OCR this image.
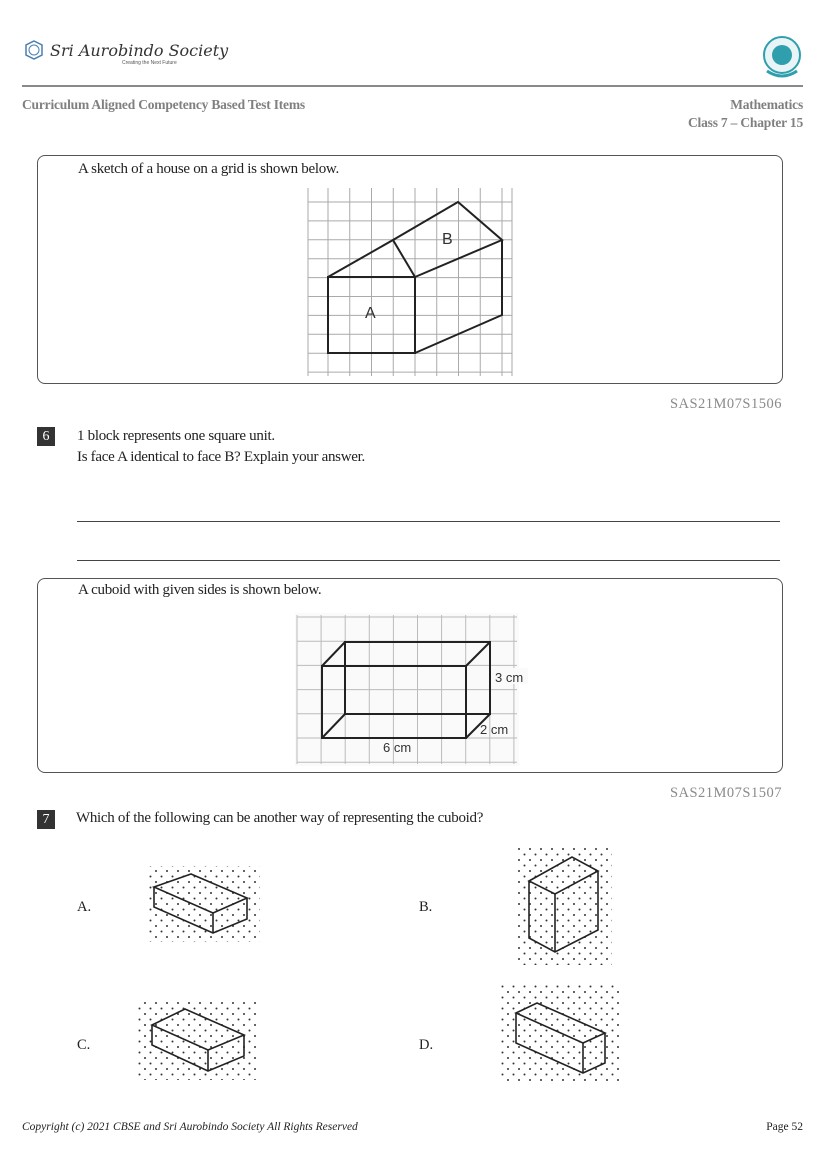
Sri Aurobindo Society
Creating the Next Future
Curriculum Aligned Competency Based Test Items	Mathematics
Class 7 – Chapter 15
A sketch of a house on a grid is shown below.
A
B
SAS21M07S1506
6	1 block represents one square unit.
Is face A identical to face B? Explain your answer.
A cuboid with given sides is shown below.
3 cm
2 cm
6 cm
SAS21M07S1507
7	Which of the following can be another way of representing the cuboid?
A.	B.
C.	D.
Copyright (c) 2021 CBSE and Sri Aurobindo Society All Rights Reserved	Page 52
